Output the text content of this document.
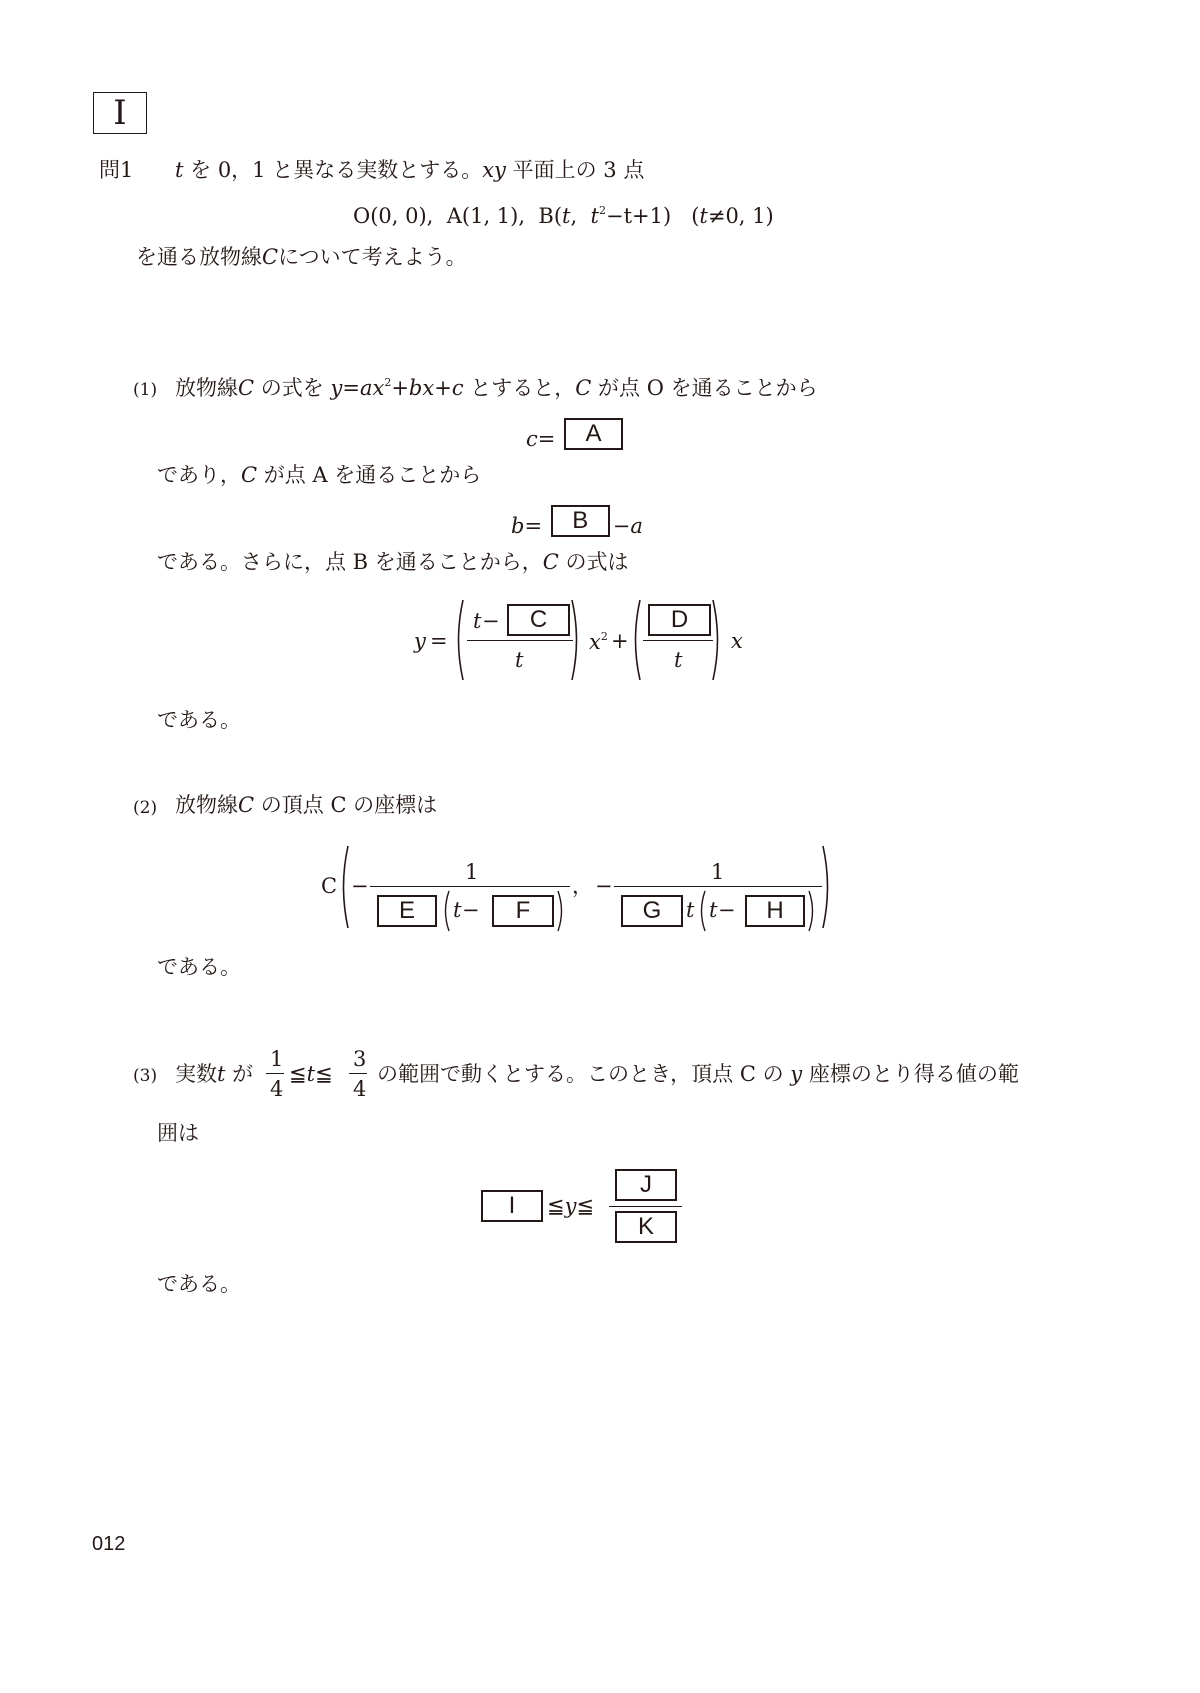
I
問1 t を 0，1 と異なる実数とする。xy 平面上の 3 点
O(0, 0), A(1, 1), B(t, $t^2-t+1$) (t≠0, 1)
を通る放物線Cについて考えよう。
(1) 放物線C の式を $y=ax^2+bx+c$ とすると，C が点 O を通ることから
c= A
であり，C が点 A を通ることから
b= B −a
である。さらに，点 B を通ることから，C の式は
y =
t −	C
t
$x^2$ +
D
t
x
である。
(2) 放物線C の頂点 C の座標は
C −
1
E	t −	F
， −
1
G	t t −	H
である。
(3) 実数t が
1
4
≦t≦
3
4
の範囲で動くとする。このとき，頂点 C の y 座標のとり得る値の範
囲は
I	≦y≦
J
K
である。
012
